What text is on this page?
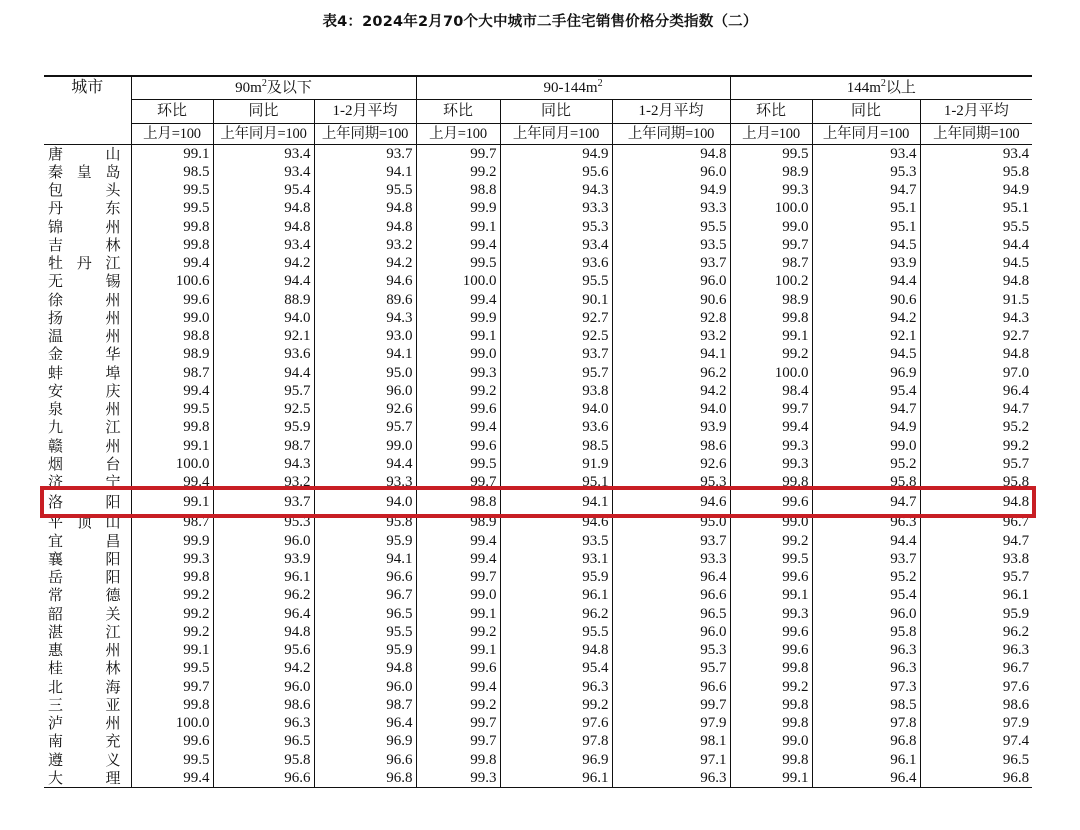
表4：2024年2月70个大中城市二手住宅销售价格分类指数（二）
城市	$90m^2$及以下			$90-144m^2$			$144m^2$以上		
	环比	同比	1-2月平均	环比	同比	1-2月平均	环比	同比	1-2月平均
	上月=100	上年同月=100	上年同期=100	上月=100	上年同月=100	上年同期=100	上月=100	上年同月=100	上年同期=100
唐山	99.1	93.4	93.7	99.7	94.9	94.8	99.5	93.4	93.4
秦皇岛	98.5	93.4	94.1	99.2	95.6	96.0	98.9	95.3	95.8
包头	99.5	95.4	95.5	98.8	94.3	94.9	99.3	94.7	94.9
丹东	99.5	94.8	94.8	99.9	93.3	93.3	100.0	95.1	95.1
锦州	99.8	94.8	94.8	99.1	95.3	95.5	99.0	95.1	95.5
吉林	99.8	93.4	93.2	99.4	93.4	93.5	99.7	94.5	94.4
牡丹江	99.4	94.2	94.2	99.5	93.6	93.7	98.7	93.9	94.5
无锡	100.6	94.4	94.6	100.0	95.5	96.0	100.2	94.4	94.8
徐州	99.6	88.9	89.6	99.4	90.1	90.6	98.9	90.6	91.5
扬州	99.0	94.0	94.3	99.9	92.7	92.8	99.8	94.2	94.3
温州	98.8	92.1	93.0	99.1	92.5	93.2	99.1	92.1	92.7
金华	98.9	93.6	94.1	99.0	93.7	94.1	99.2	94.5	94.8
蚌埠	98.7	94.4	95.0	99.3	95.7	96.2	100.0	96.9	97.0
安庆	99.4	95.7	96.0	99.2	93.8	94.2	98.4	95.4	96.4
泉州	99.5	92.5	92.6	99.6	94.0	94.0	99.7	94.7	94.7
九江	99.8	95.9	95.7	99.4	93.6	93.9	99.4	94.9	95.2
赣州	99.1	98.7	99.0	99.6	98.5	98.6	99.3	99.0	99.2
烟台	100.0	94.3	94.4	99.5	91.9	92.6	99.3	95.2	95.7
济宁	99.4	93.2	93.3	99.7	95.1	95.3	99.8	95.8	95.8
洛阳	99.1	93.7	94.0	98.8	94.1	94.6	99.6	94.7	94.8
平顶山	98.7	95.3	95.8	98.9	94.6	95.0	99.0	96.3	96.7
宜昌	99.9	96.0	95.9	99.4	93.5	93.7	99.2	94.4	94.7
襄阳	99.3	93.9	94.1	99.4	93.1	93.3	99.5	93.7	93.8
岳阳	99.8	96.1	96.6	99.7	95.9	96.4	99.6	95.2	95.7
常德	99.2	96.2	96.7	99.0	96.1	96.6	99.1	95.4	96.1
韶关	99.2	96.4	96.5	99.1	96.2	96.5	99.3	96.0	95.9
湛江	99.2	94.8	95.5	99.2	95.5	96.0	99.6	95.8	96.2
惠州	99.1	95.6	95.9	99.1	94.8	95.3	99.6	96.3	96.3
桂林	99.5	94.2	94.8	99.6	95.4	95.7	99.8	96.3	96.7
北海	99.7	96.0	96.0	99.4	96.3	96.6	99.2	97.3	97.6
三亚	99.8	98.6	98.7	99.2	99.2	99.7	99.8	98.5	98.6
泸州	100.0	96.3	96.4	99.7	97.6	97.9	99.8	97.8	97.9
南充	99.6	96.5	96.9	99.7	97.8	98.1	99.0	96.8	97.4
遵义	99.5	95.8	96.6	99.8	96.9	97.1	99.8	96.1	96.5
大理	99.4	96.6	96.8	99.3	96.1	96.3	99.1	96.4	96.8
